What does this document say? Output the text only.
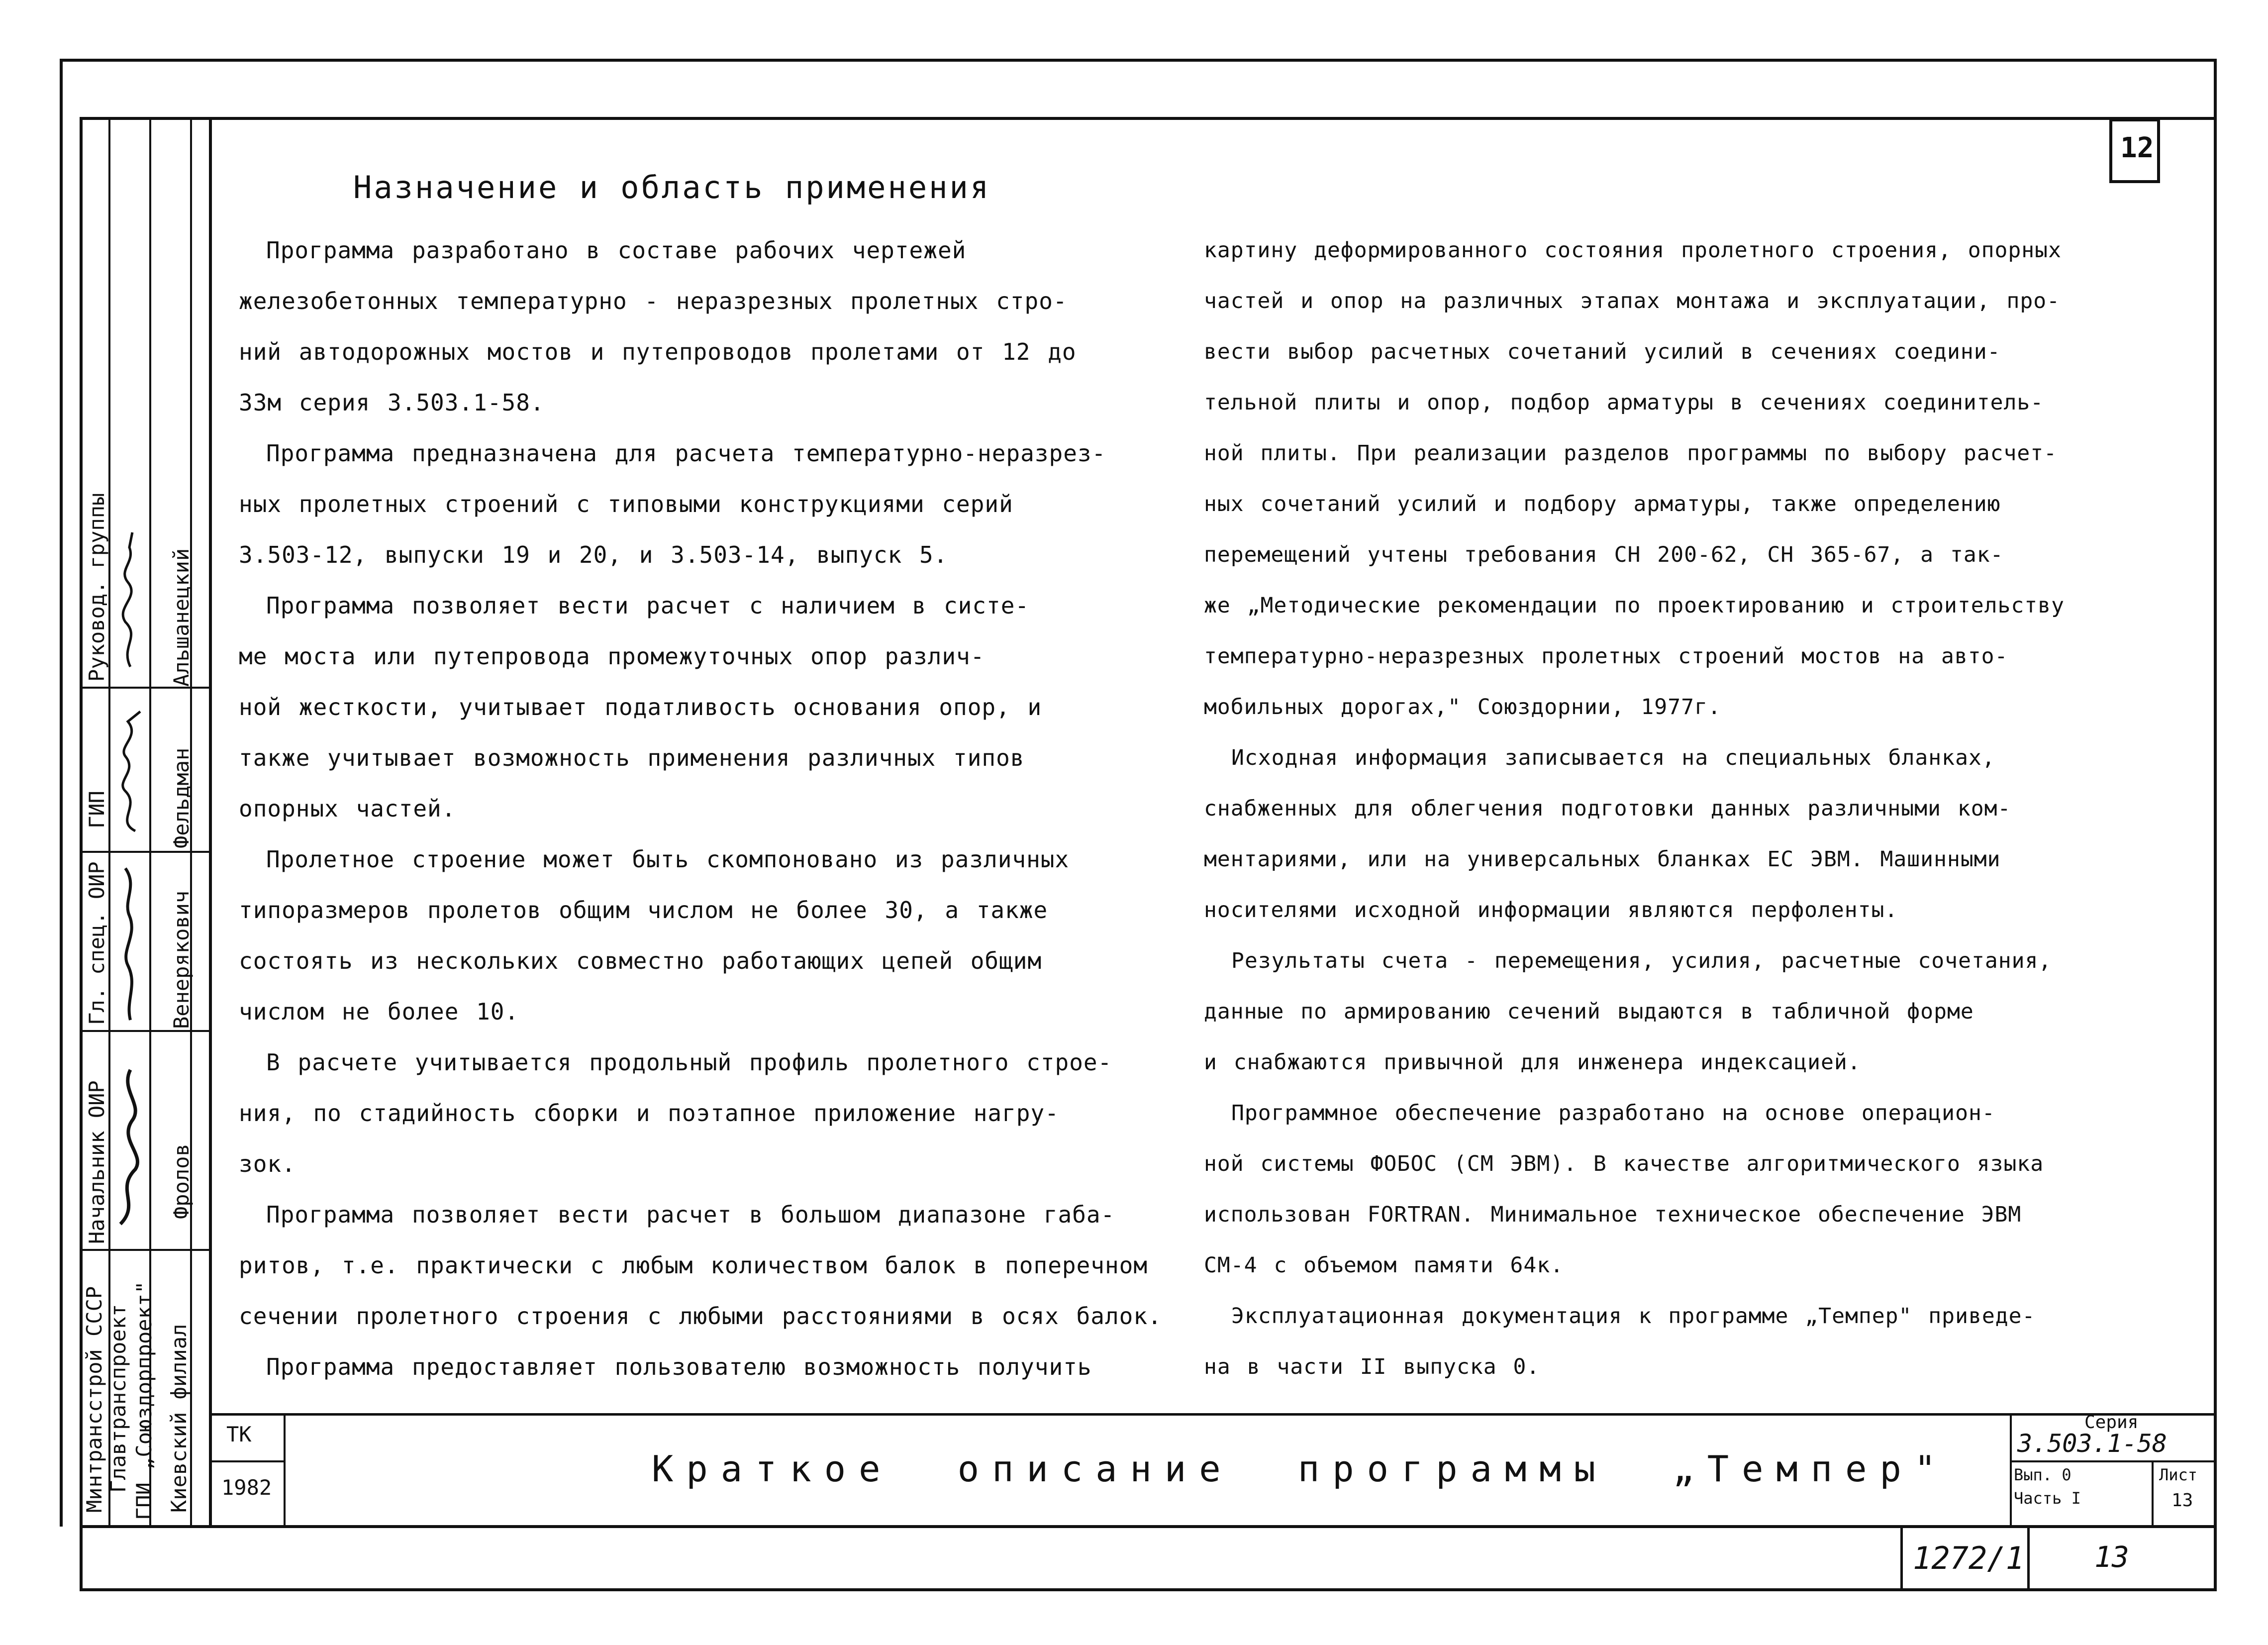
Руковод. группы	Альшанецкий
ГИП	Фельдман
Гл. спец. ОИР	Венерякович
Начальник ОИР	Фролов
Минтрансстрой СССР Главтранспроект ГПИ „Союздорпроект" Киевский филиал
12
Назначение и область применения

Программа разработано в составе рабочих чертежей

железобетонных температурно - неразрезных пролетных стро-

ний автодорожных мостов и путепроводов пролетами от 12 до

33м серия 3.503.1-58.

Программа предназначена для расчета температурно-неразрез-

ных пролетных строений с типовыми конструкциями серий

3.503-12, выпуски 19 и 20, и 3.503-14, выпуск 5.

Программа позволяет вести расчет с наличием в систе-

ме моста или путепровода промежуточных опор различ-

ной жесткости, учитывает податливость основания опор, и

также учитывает возможность применения различных типов

опорных частей.

Пролетное строение может быть скомпоновано из различных

типоразмеров пролетов общим числом не более 30, а также

состоять из нескольких совместно работающих цепей общим

числом не более 10.

В расчете учитывается продольный профиль пролетного строе-

ния, по стадийность сборки и поэтапное приложение нагру-

зок.

Программа позволяет вести расчет в большом диапазоне габа-

ритов, т.е. практически с любым количеством балок в поперечном

сечении пролетного строения с любыми расстояниями в осях балок.

Программа предоставляет пользователю возможность получить

картину деформированного состояния пролетного строения, опорных

частей и опор на различных этапах монтажа и эксплуатации, про-

вести выбор расчетных сочетаний усилий в сечениях соедини-

тельной плиты и опор, подбор арматуры в сечениях соединитель-

ной плиты. При реализации разделов программы по выбору расчет-

ных сочетаний усилий и подбору арматуры, также определению

перемещений учтены требования СН 200-62, СН 365-67, а так-

же „Методические рекомендации по проектированию и строительству

температурно-неразрезных пролетных строений мостов на авто-

мобильных дорогах," Союздорнии, 1977г.

Исходная информация записывается на специальных бланках,

снабженных для облегчения подготовки данных различными ком-

ментариями, или на универсальных бланках ЕС ЭВМ. Машинными

носителями исходной информации являются перфоленты.

Результаты счета - перемещения, усилия, расчетные сочетания,

данные по армированию сечений выдаются в табличной форме

и снабжаются привычной для инженера индексацией.

Программное обеспечение разработано на основе операцион-

ной системы ФОБОС (СМ ЭВМ). В качестве алгоритмического языка

использован FORTRAN. Минимальное техническое обеспечение ЭВМ

СМ-4 с объемом памяти 64к.

Эксплуатационная документация к программе „Темпер" приведе-

на в части II выпуска 0.

ТК
1982	Краткое описание программы „Темпер"
Серия
3.503.1-58
Вып. 0
Часть I
Лист
13
1272/1 13
